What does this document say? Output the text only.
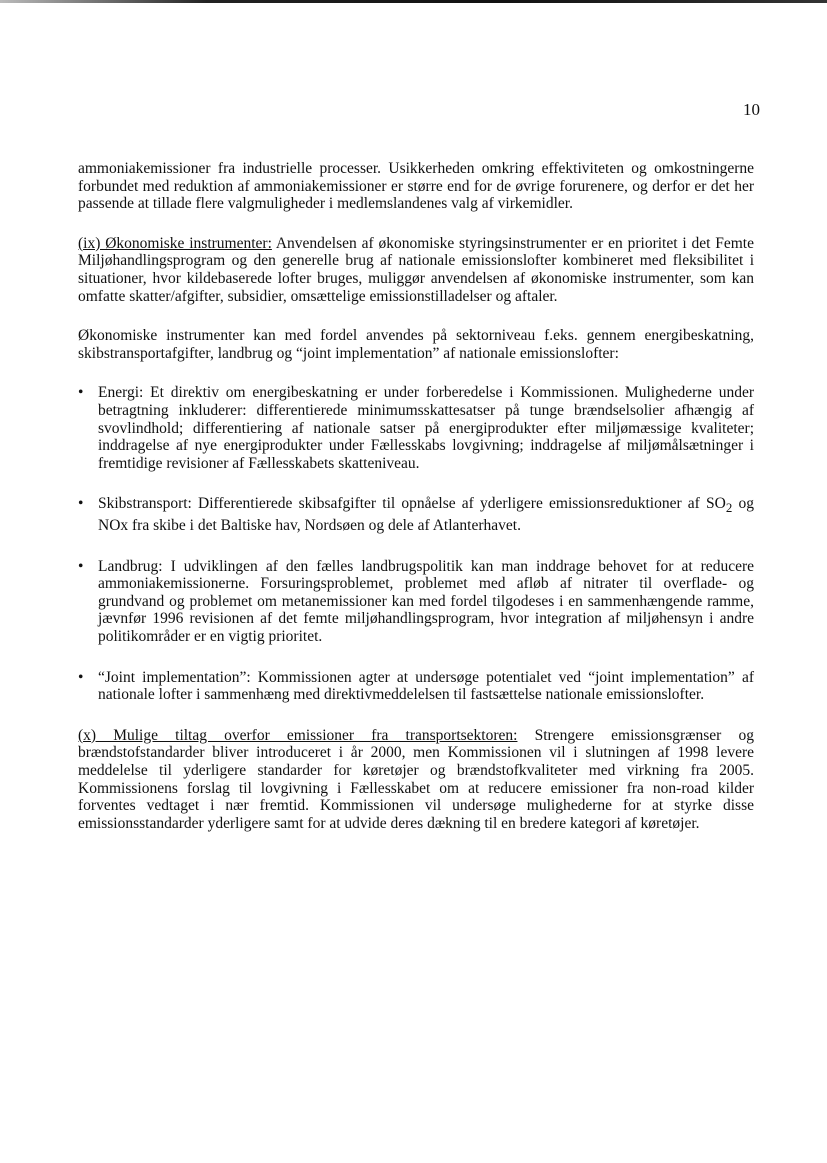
10

ammoniakemissioner fra industrielle processer. Usikkerheden omkring effektiviteten og omkostningerne forbundet med reduktion af ammoniakemissioner er større end for de øvrige forurenere, og derfor er det her passende at tillade flere valgmuligheder i medlemslandenes valg af virkemidler.

(ix) Økonomiske instrumenter: Anvendelsen af økonomiske styringsinstrumenter er en prioritet i det Femte Miljøhandlingsprogram og den generelle brug af nationale emissionslofter kombineret med fleksibilitet i situationer, hvor kildebaserede lofter bruges, muliggør anvendelsen af økonomiske instrumenter, som kan omfatte skatter/afgifter, subsidier, omsættelige emissionstilladelser og aftaler.

Økonomiske instrumenter kan med fordel anvendes på sektorniveau f.eks. gennem energibeskatning, skibstransportafgifter, landbrug og “joint implementation” af nationale emissionslofter:

• Energi: Et direktiv om energibeskatning er under forberedelse i Kommissionen. Mulighederne under betragtning inkluderer: differentierede minimumsskattesatser på tunge brændselsolier afhængig af svovlindhold; differentiering af nationale satser på energiprodukter efter miljømæssige kvaliteter; inddragelse af nye energiprodukter under Fællesskabs lovgivning; inddragelse af miljømålsætninger i fremtidige revisioner af Fællesskabets skatteniveau.
• Skibstransport: Differentierede skibsafgifter til opnåelse af yderligere emissionsreduktioner af $SO_2$ og NOx fra skibe i det Baltiske hav, Nordsøen og dele af Atlanterhavet.
• Landbrug: I udviklingen af den fælles landbrugspolitik kan man inddrage behovet for at reducere ammoniakemissionerne. Forsuringsproblemet, problemet med afløb af nitrater til overflade- og grundvand og problemet om metanemissioner kan med fordel tilgodeses i en sammenhængende ramme, jævnfør 1996 revisionen af det femte miljøhandlingsprogram, hvor integration af miljøhensyn i andre politikområder er en vigtig prioritet.
• “Joint implementation”: Kommissionen agter at undersøge potentialet ved “joint implementation” af nationale lofter i sammenhæng med direktivmeddelelsen til fastsættelse nationale emissionslofter.

(x) Mulige tiltag overfor emissioner fra transportsektoren: Strengere emissionsgrænser og brændstofstandarder bliver introduceret i år 2000, men Kommissionen vil i slutningen af 1998 levere meddelelse til yderligere standarder for køretøjer og brændstofkvaliteter med virkning fra 2005. Kommissionens forslag til lovgivning i Fællesskabet om at reducere emissioner fra non-road kilder forventes vedtaget i nær fremtid. Kommissionen vil undersøge mulighederne for at styrke disse emissionsstandarder yderligere samt for at udvide deres dækning til en bredere kategori af køretøjer.
